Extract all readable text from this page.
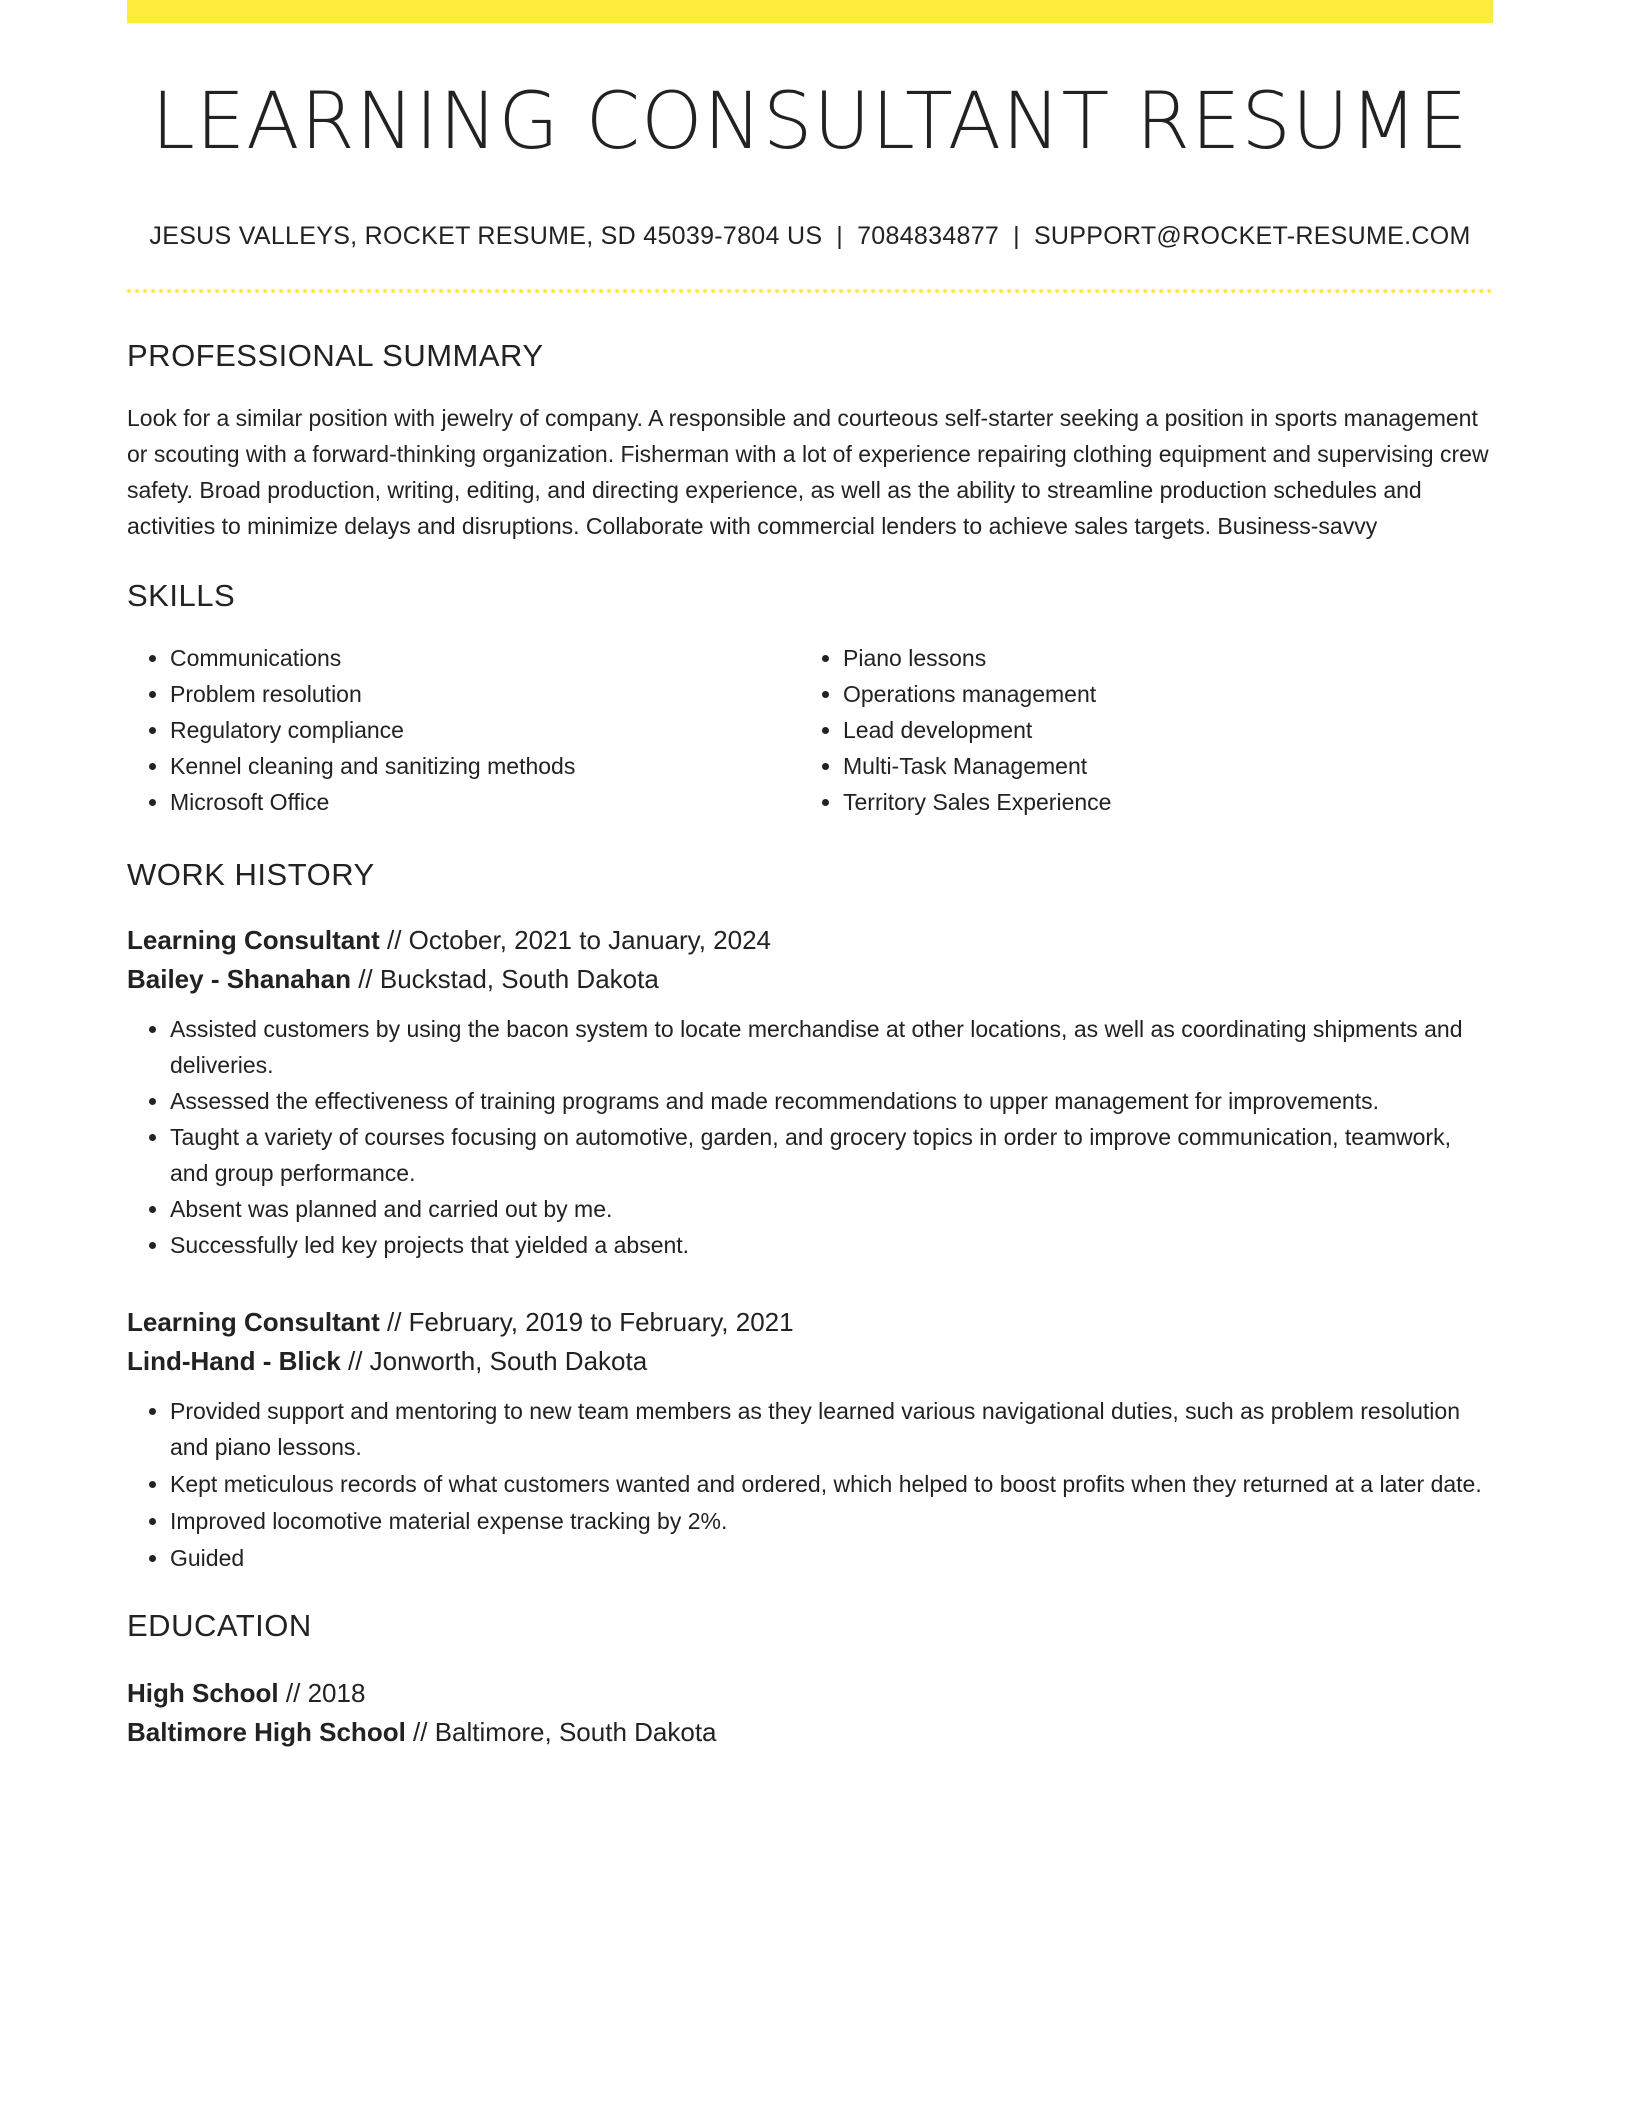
LEARNING CONSULTANT RESUME
JESUS VALLEYS, ROCKET RESUME, SD 45039-7804 US | 7084834877 | SUPPORT@ROCKET-RESUME.COM
PROFESSIONAL SUMMARY
Look for a similar position with jewelry of company. A responsible and courteous self-starter seeking a position in sports management or scouting with a forward-thinking organization. Fisherman with a lot of experience repairing clothing equipment and supervising crew safety. Broad production, writing, editing, and directing experience, as well as the ability to streamline production schedules and activities to minimize delays and disruptions. Collaborate with commercial lenders to achieve sales targets. Business-savvy
SKILLS
• Communications
• Problem resolution
• Regulatory compliance
• Kennel cleaning and sanitizing methods
• Microsoft Office
• Piano lessons
• Operations management
• Lead development
• Multi-Task Management
• Territory Sales Experience
WORK HISTORY
Learning Consultant // October, 2021 to January, 2024
Bailey - Shanahan // Buckstad, South Dakota
• Assisted customers by using the bacon system to locate merchandise at other locations, as well as coordinating shipments and deliveries.
• Assessed the effectiveness of training programs and made recommendations to upper management for improvements.
• Taught a variety of courses focusing on automotive, garden, and grocery topics in order to improve communication, teamwork, and group performance.
• Absent was planned and carried out by me.
• Successfully led key projects that yielded a absent.
Learning Consultant // February, 2019 to February, 2021
Lind-Hand - Blick // Jonworth, South Dakota
• Provided support and mentoring to new team members as they learned various navigational duties, such as problem resolution and piano lessons.
• Kept meticulous records of what customers wanted and ordered, which helped to boost profits when they returned at a later date.
• Improved locomotive material expense tracking by 2%.
• Guided
EDUCATION
High School // 2018
Baltimore High School // Baltimore, South Dakota
